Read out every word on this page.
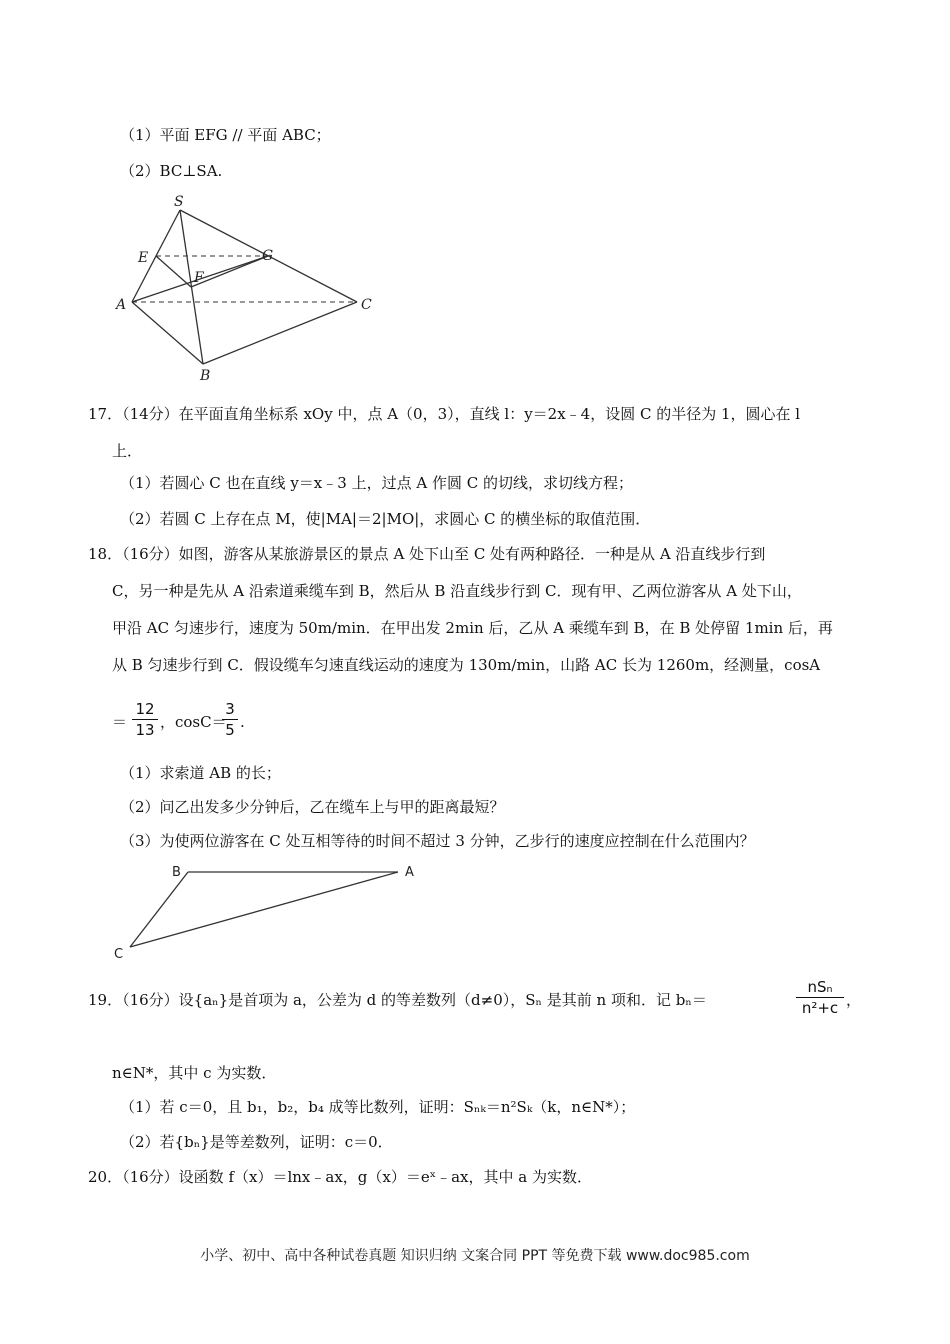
（1）平面 EFG // 平面 ABC；
（2）BC⊥SA.
S
E
F
G
A
B
C
17．（14分）在平面直角坐标系 xOy 中，点 A（0，3），直线 l：y＝2x﹣4，设圆 C 的半径为 1，圆心在 l
上．
（1）若圆心 C 也在直线 y＝x﹣3 上，过点 A 作圆 C 的切线，求切线方程；
（2）若圆 C 上存在点 M，使|MA|＝2|MO|，求圆心 C 的横坐标的取值范围．
18．（16分）如图，游客从某旅游景区的景点 A 处下山至 C 处有两种路径．一种是从 A 沿直线步行到
C，另一种是先从 A 沿索道乘缆车到 B，然后从 B 沿直线步行到 C．现有甲、乙两位游客从 A 处下山，
甲沿 AC 匀速步行，速度为 50m/min．在甲出发 2min 后，乙从 A 乘缆车到 B，在 B 处停留 1min 后，再
从 B 匀速步行到 C．假设缆车匀速直线运动的速度为 130m/min，山路 AC 长为 1260m，经测量，cosA
＝
12
13 ，cosC＝
3
5 .
（1）求索道 AB 的长；
（2）问乙出发多少分钟后，乙在缆车上与甲的距离最短？
（3）为使两位游客在 C 处互相等待的时间不超过 3 分钟，乙步行的速度应控制在什么范围内？
B	A
C
19．（16分）设{aₙ}是首项为 a，公差为 d 的等差数列（d≠0），Sₙ 是其前 n 项和．记 bₙ＝
nSₙ
n²+c ，
n∈N*，其中 c 为实数．
（1）若 c＝0，且 b₁，b₂，b₄ 成等比数列，证明：Sₙₖ＝n²Sₖ（k，n∈N*）；
（2）若{bₙ}是等差数列，证明：c＝0．
20．（16分）设函数 f（x）＝lnx﹣ax，g（x）＝eˣ﹣ax，其中 a 为实数．
小学、初中、高中各种试卷真题 知识归纳 文案合同 PPT 等免费下载 www.doc985.com
